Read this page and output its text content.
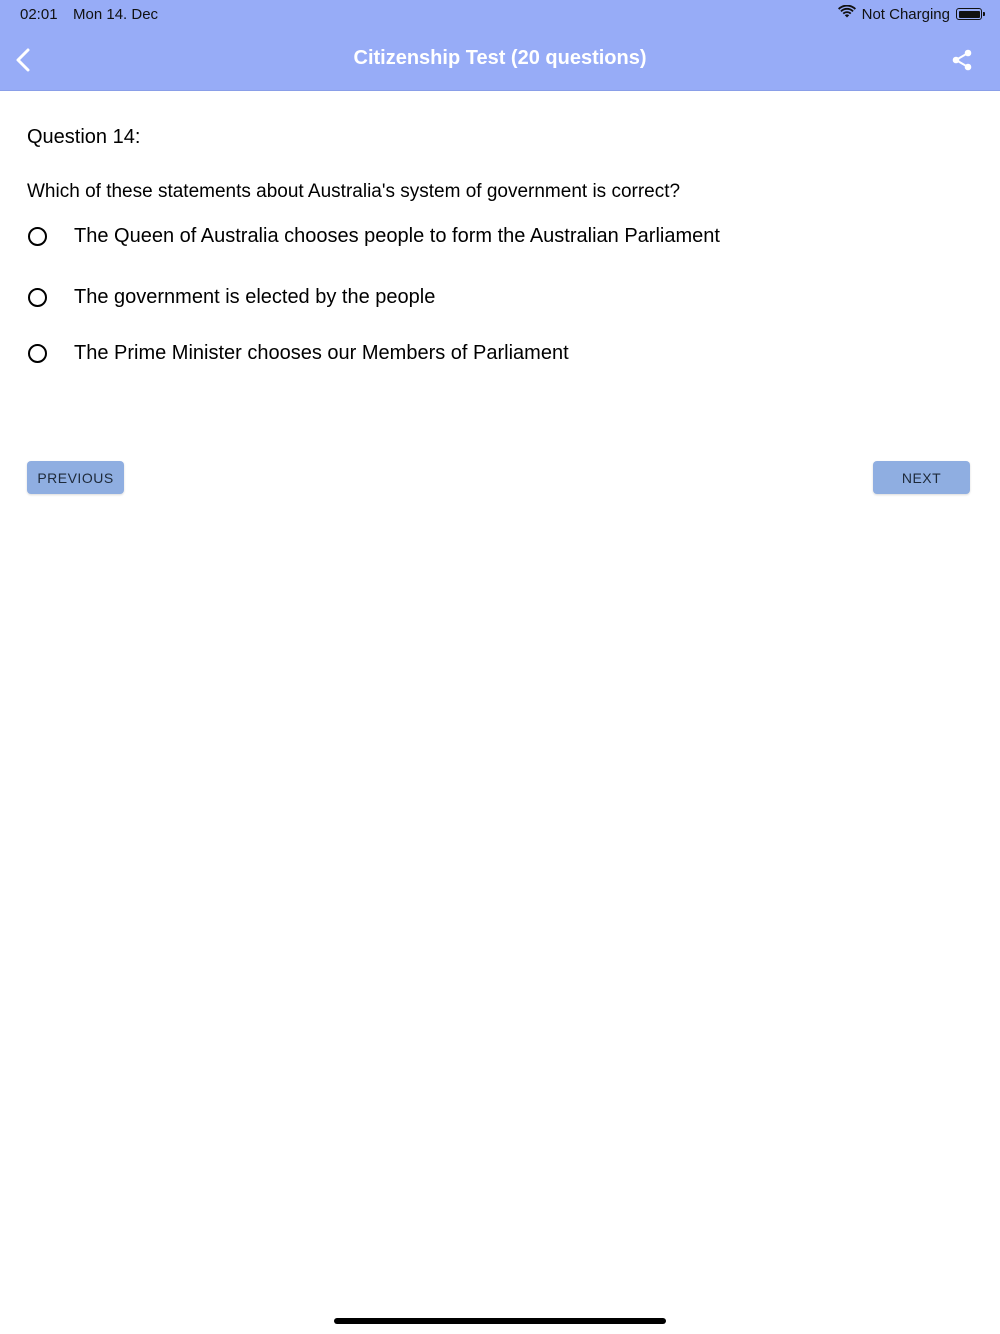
02:01 Mon 14. Dec	Not Charging
Citizenship Test (20 questions)
Question 14:
Which of these statements about Australia's system of government is correct?
The Queen of Australia chooses people to form the Australian Parliament
The government is elected by the people
The Prime Minister chooses our Members of Parliament
PREVIOUS	NEXT
